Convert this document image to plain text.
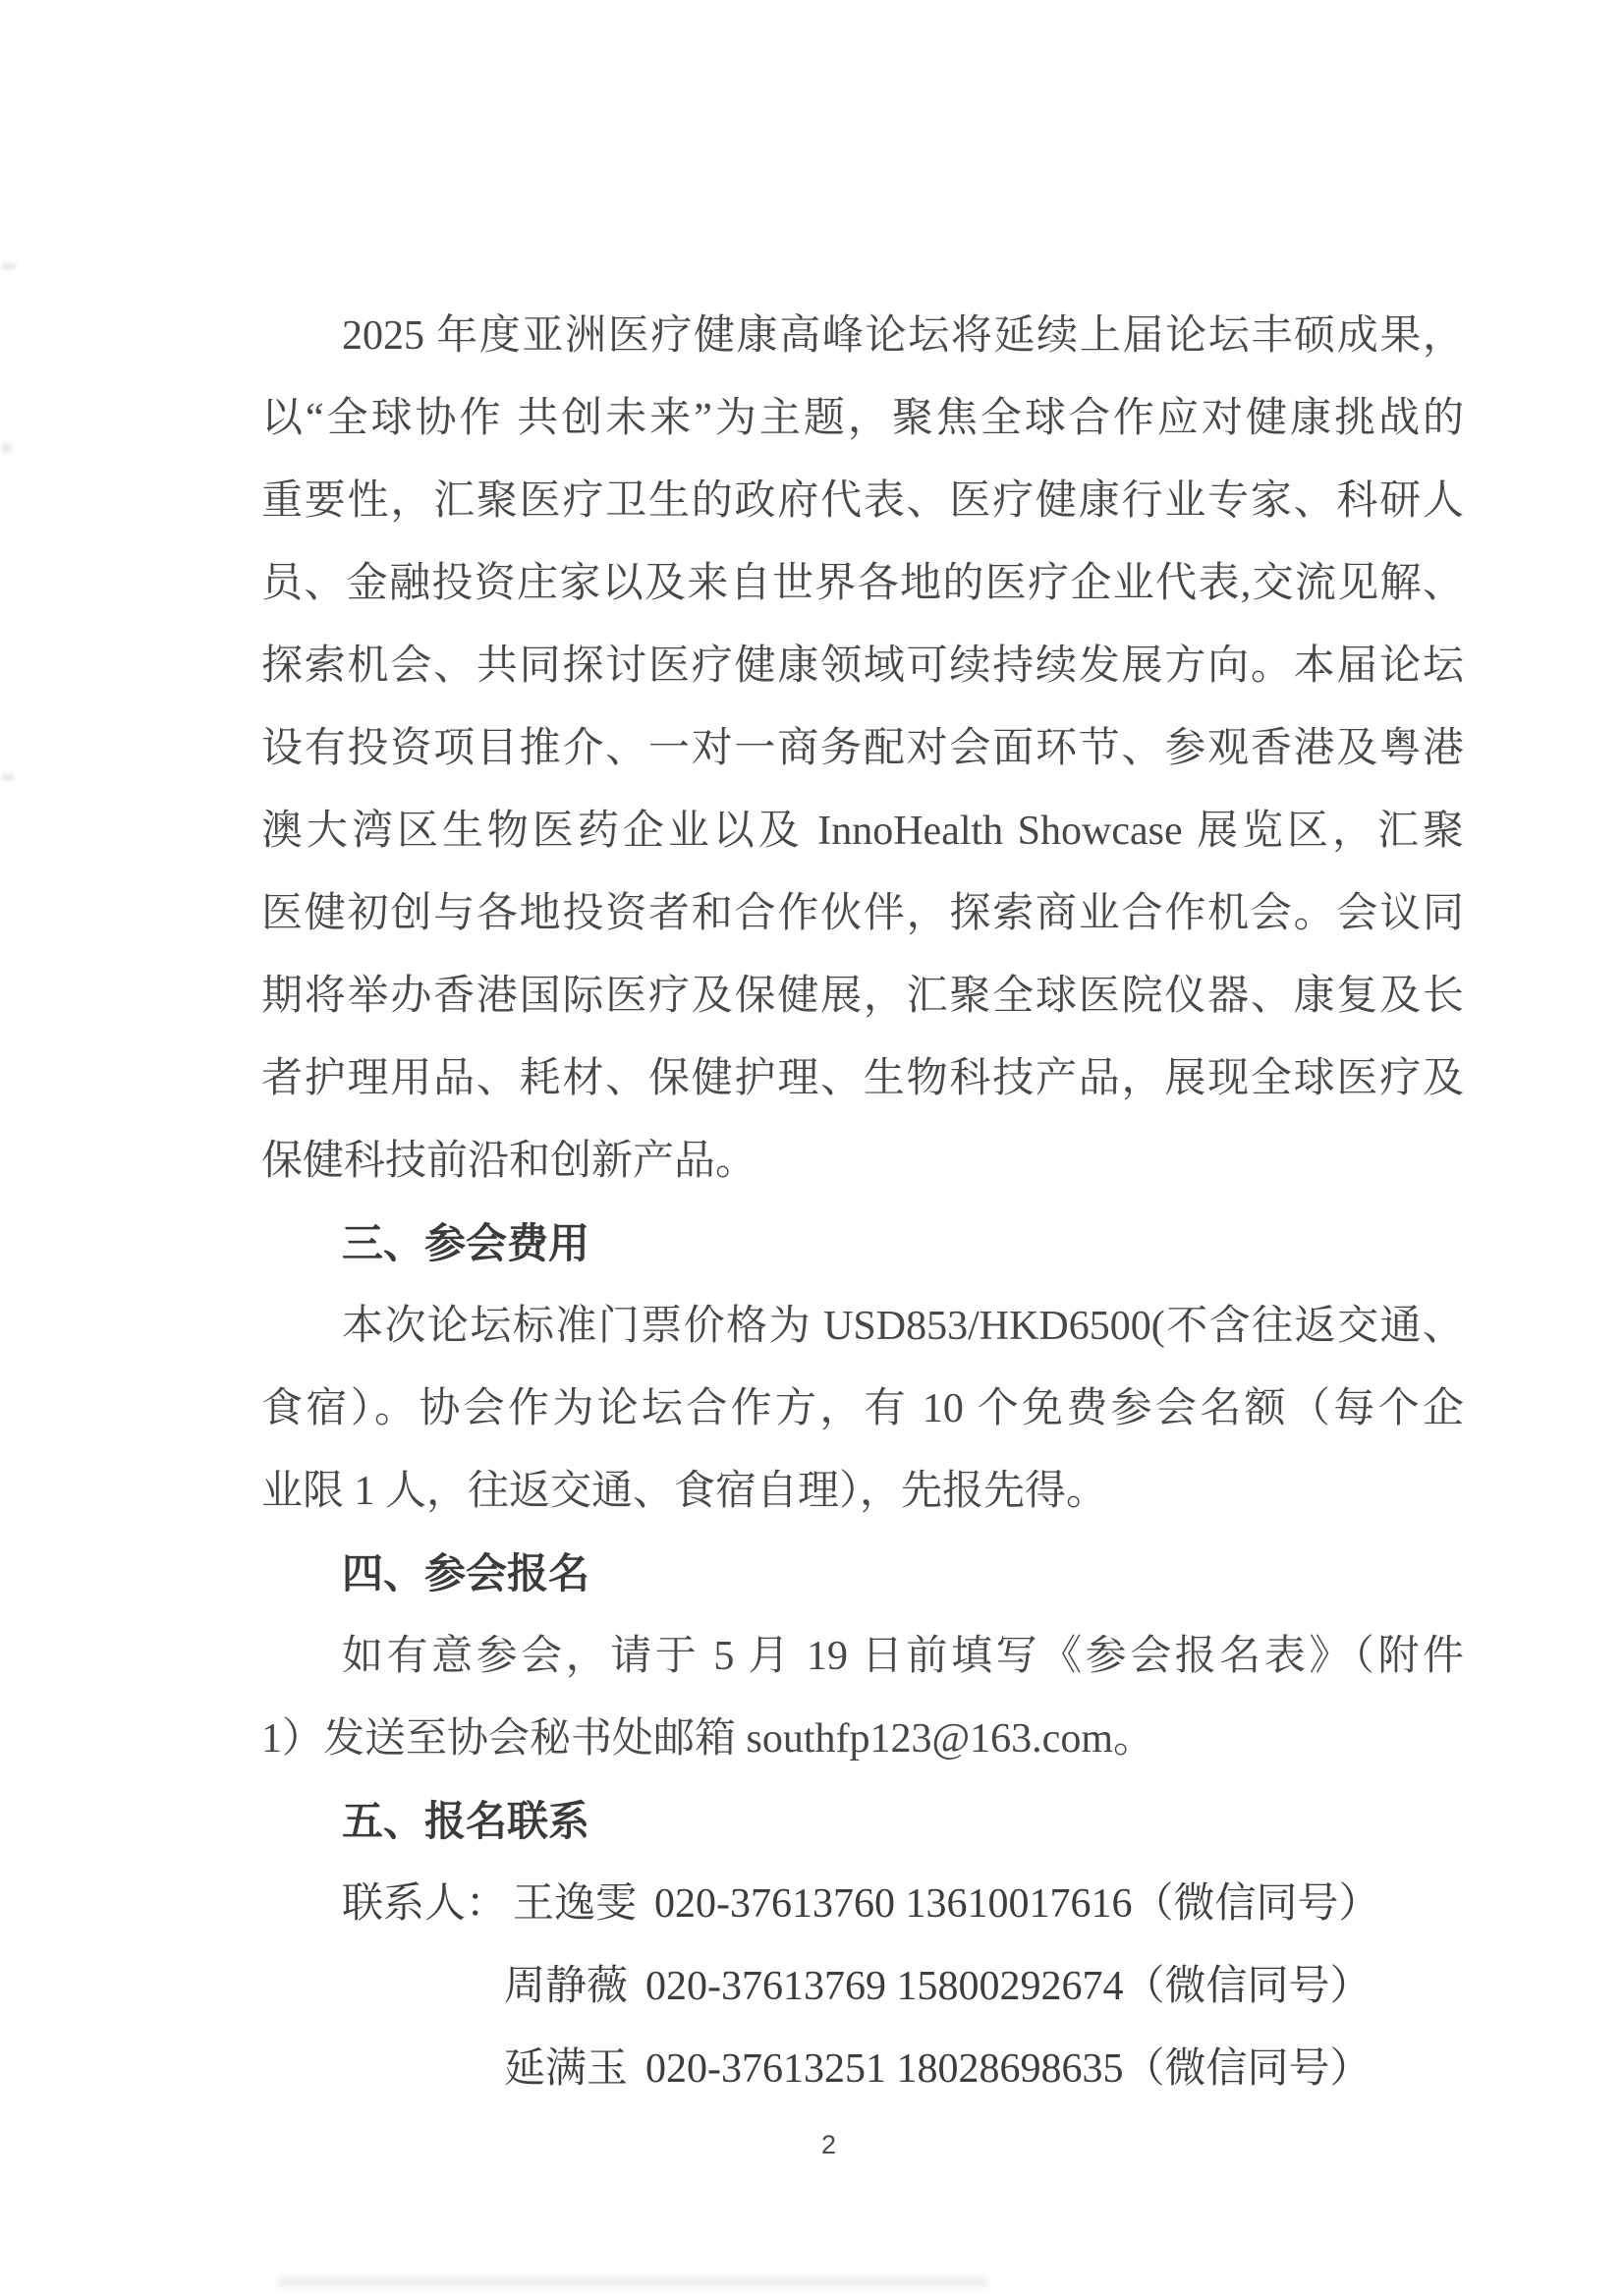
2025 年度亚洲医疗健康高峰论坛将延续上届论坛丰硕成果，

以“全球协作 共创未来”为主题，聚焦全球合作应对健康挑战的

重要性，汇聚医疗卫生的政府代表、医疗健康行业专家、科研人

员、金融投资庄家以及来自世界各地的医疗企业代表,交流见解、

探索机会、共同探讨医疗健康领域可续持续发展方向。本届论坛

设有投资项目推介、一对一商务配对会面环节、参观香港及粤港

澳大湾区生物医药企业以及 InnoHealth Showcase 展览区，汇聚

医健初创与各地投资者和合作伙伴，探索商业合作机会。会议同

期将举办香港国际医疗及保健展，汇聚全球医院仪器、康复及长

者护理用品、耗材、保健护理、生物科技产品，展现全球医疗及

保健科技前沿和创新产品。

三、参会费用

本次论坛标准门票价格为 USD853/HKD6500(不含往返交通、

食宿）。协会作为论坛合作方，有 10 个免费参会名额（每个企

业限 1 人，往返交通、食宿自理），先报先得。

四、参会报名

如有意参会，请于 5 月 19 日前填写《参会报名表》（附件

1）发送至协会秘书处邮箱 southfp123@163.com。

五、报名联系

联系人： 王逸雯 020-37613760 13610017616（微信同号）

周静薇 020-37613769 15800292674（微信同号）

延满玉 020-37613251 18028698635（微信同号）

2
